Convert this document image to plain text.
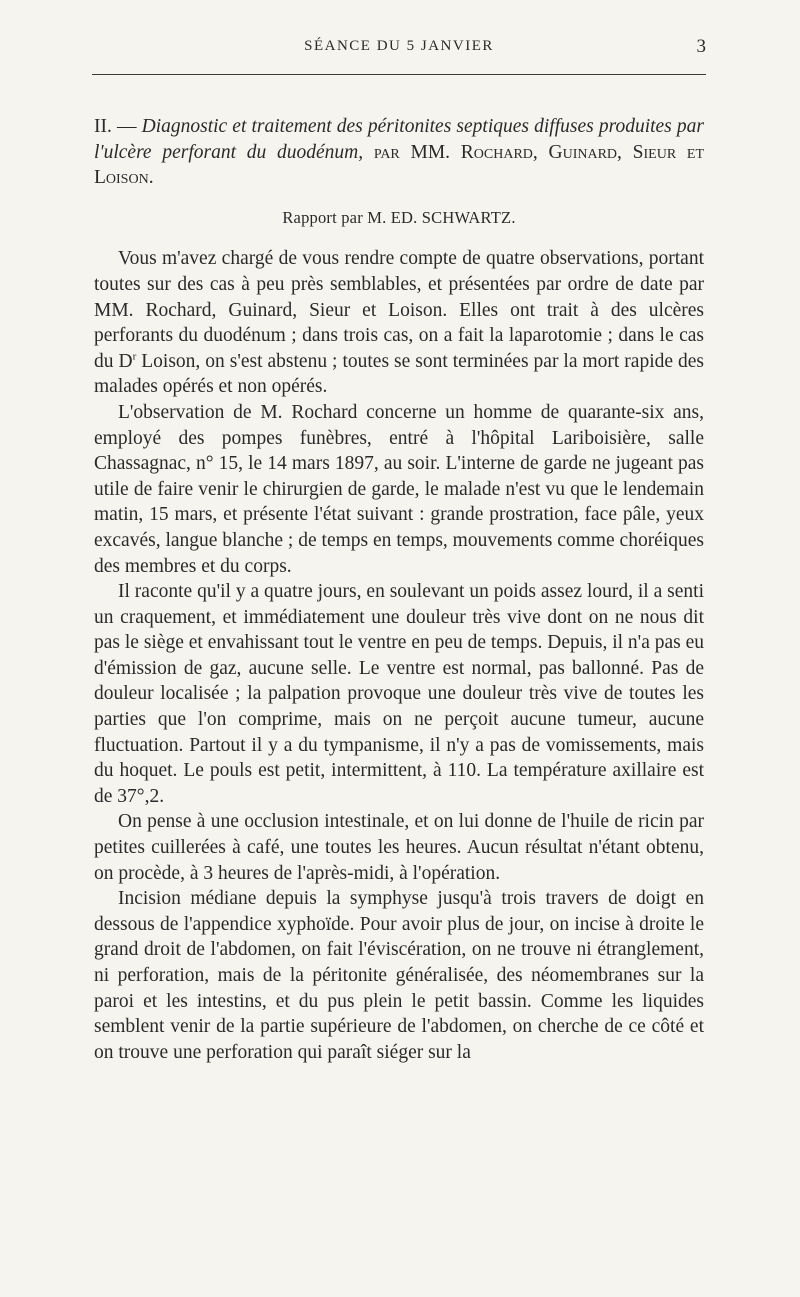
SÉANCE DU 5 JANVIER	3

II. — Diagnostic et traitement des péritonites septiques diffuses produites par l'ulcère perforant du duodénum, par MM. Rochard, Guinard, Sieur et Loison.

Rapport par M. ED. SCHWARTZ.

Vous m'avez chargé de vous rendre compte de quatre observations, portant toutes sur des cas à peu près semblables, et présentées par ordre de date par MM. Rochard, Guinard, Sieur et Loison. Elles ont trait à des ulcères perforants du duodénum ; dans trois cas, on a fait la laparotomie ; dans le cas du $D^r$ Loison, on s'est abstenu ; toutes se sont terminées par la mort rapide des malades opérés et non opérés.

L'observation de M. Rochard concerne un homme de quarante-six ans, employé des pompes funèbres, entré à l'hôpital Lariboisière, salle Chassagnac, n° 15, le 14 mars 1897, au soir. L'interne de garde ne jugeant pas utile de faire venir le chirurgien de garde, le malade n'est vu que le lendemain matin, 15 mars, et présente l'état suivant : grande prostration, face pâle, yeux excavés, langue blanche ; de temps en temps, mouvements comme choréiques des membres et du corps.

Il raconte qu'il y a quatre jours, en soulevant un poids assez lourd, il a senti un craquement, et immédiatement une douleur très vive dont on ne nous dit pas le siège et envahissant tout le ventre en peu de temps. Depuis, il n'a pas eu d'émission de gaz, aucune selle. Le ventre est normal, pas ballonné. Pas de douleur localisée ; la palpation provoque une douleur très vive de toutes les parties que l'on comprime, mais on ne perçoit aucune tumeur, aucune fluctuation. Partout il y a du tympanisme, il n'y a pas de vomissements, mais du hoquet. Le pouls est petit, intermittent, à 110. La température axillaire est de 37°,2.

On pense à une occlusion intestinale, et on lui donne de l'huile de ricin par petites cuillerées à café, une toutes les heures. Aucun résultat n'étant obtenu, on procède, à 3 heures de l'après-midi, à l'opération.

Incision médiane depuis la symphyse jusqu'à trois travers de doigt en dessous de l'appendice xyphoïde. Pour avoir plus de jour, on incise à droite le grand droit de l'abdomen, on fait l'éviscération, on ne trouve ni étranglement, ni perforation, mais de la péritonite généralisée, des néomembranes sur la paroi et les intestins, et du pus plein le petit bassin. Comme les liquides semblent venir de la partie supérieure de l'abdomen, on cherche de ce côté et on trouve une perforation qui paraît siéger sur la
